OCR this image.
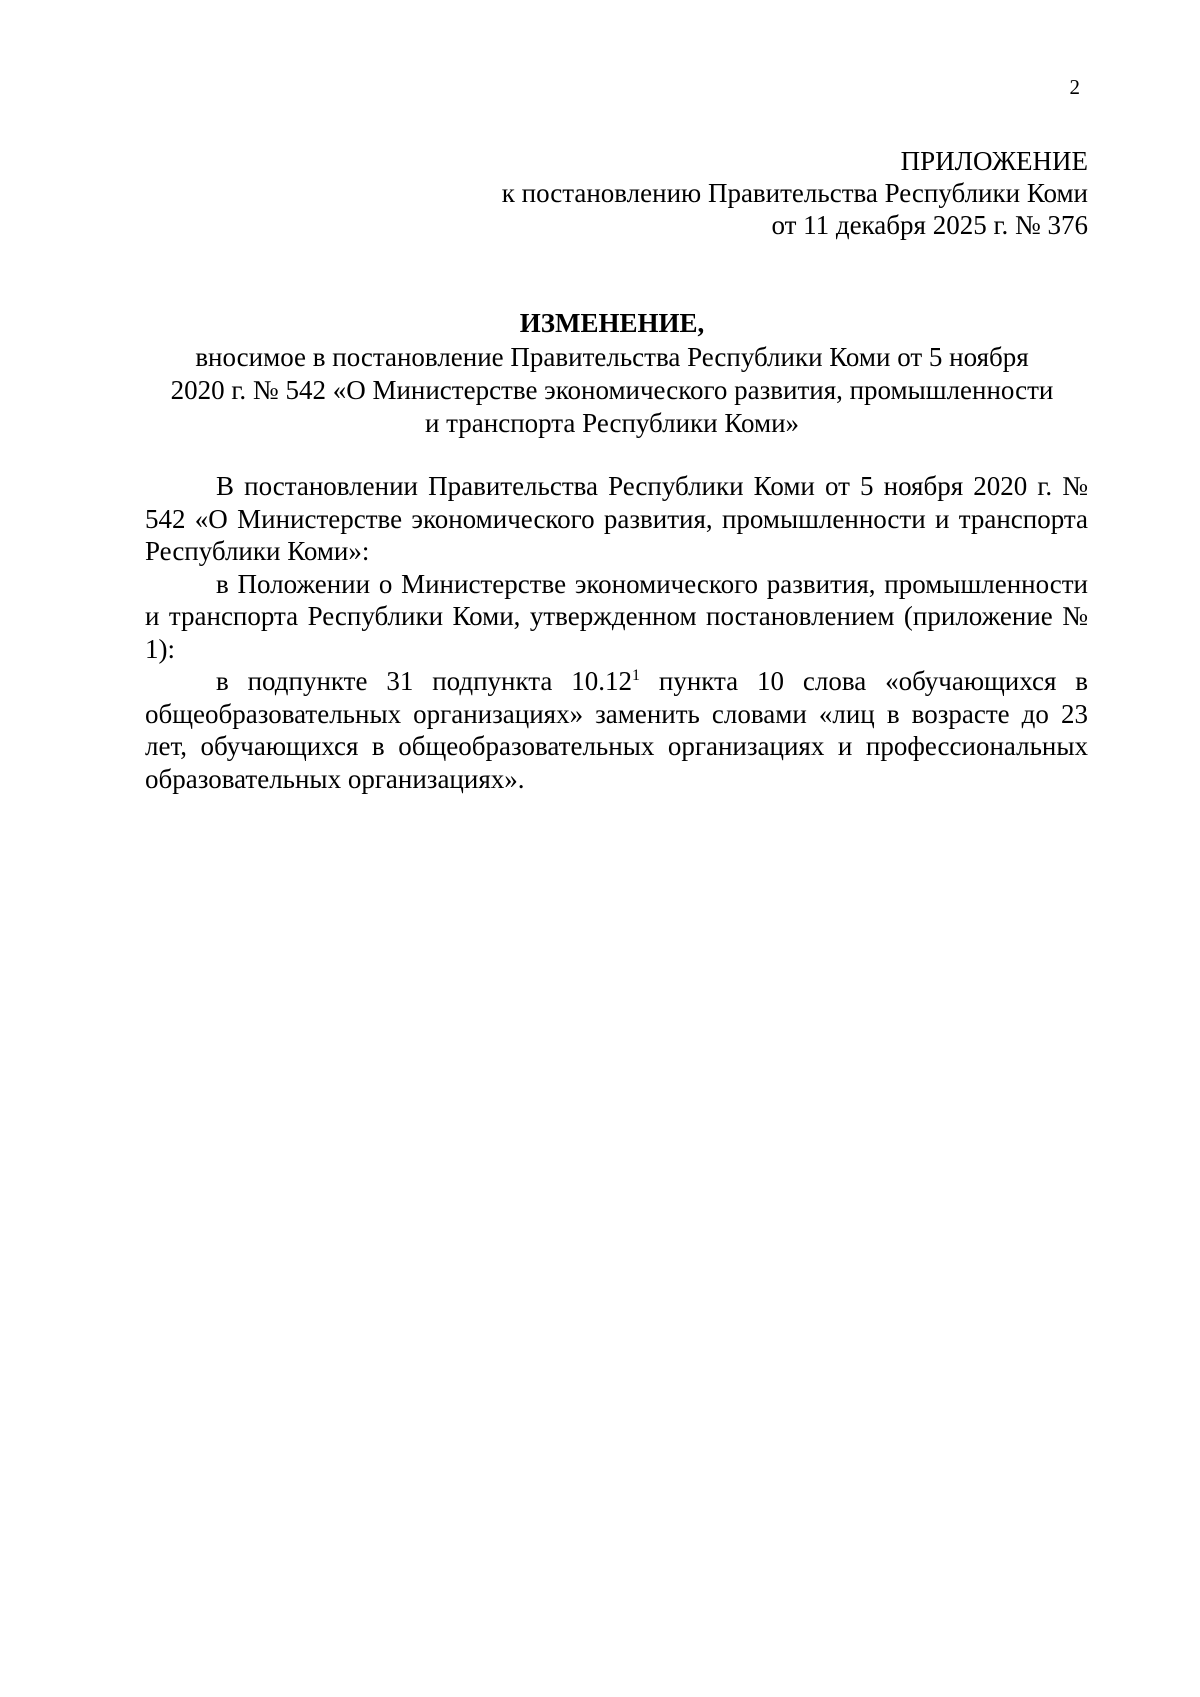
2
ПРИЛОЖЕНИЕ
к постановлению Правительства Республики Коми
от 11 декабря 2025 г. № 376
ИЗМЕНЕНИЕ,
вносимое в постановление Правительства Республики Коми от 5 ноября
2020 г. № 542 «О Министерстве экономического развития, промышленности
и транспорта Республики Коми»

В постановлении Правительства Республики Коми от 5 ноября 2020 г. № 542 «О Министерстве экономического развития, промышленности и транспорта Республики Коми»:

в Положении о Министерстве экономического развития, промышленности и транспорта Республики Коми, утвержденном постановлением (приложение № 1):

в подпункте 31 подпункта 10.12$^1$ пункта 10 слова «обучающихся в общеобразовательных организациях» заменить словами «лиц в возрасте до 23 лет, обучающихся в общеобразовательных организациях и профессиональных образовательных организациях».
